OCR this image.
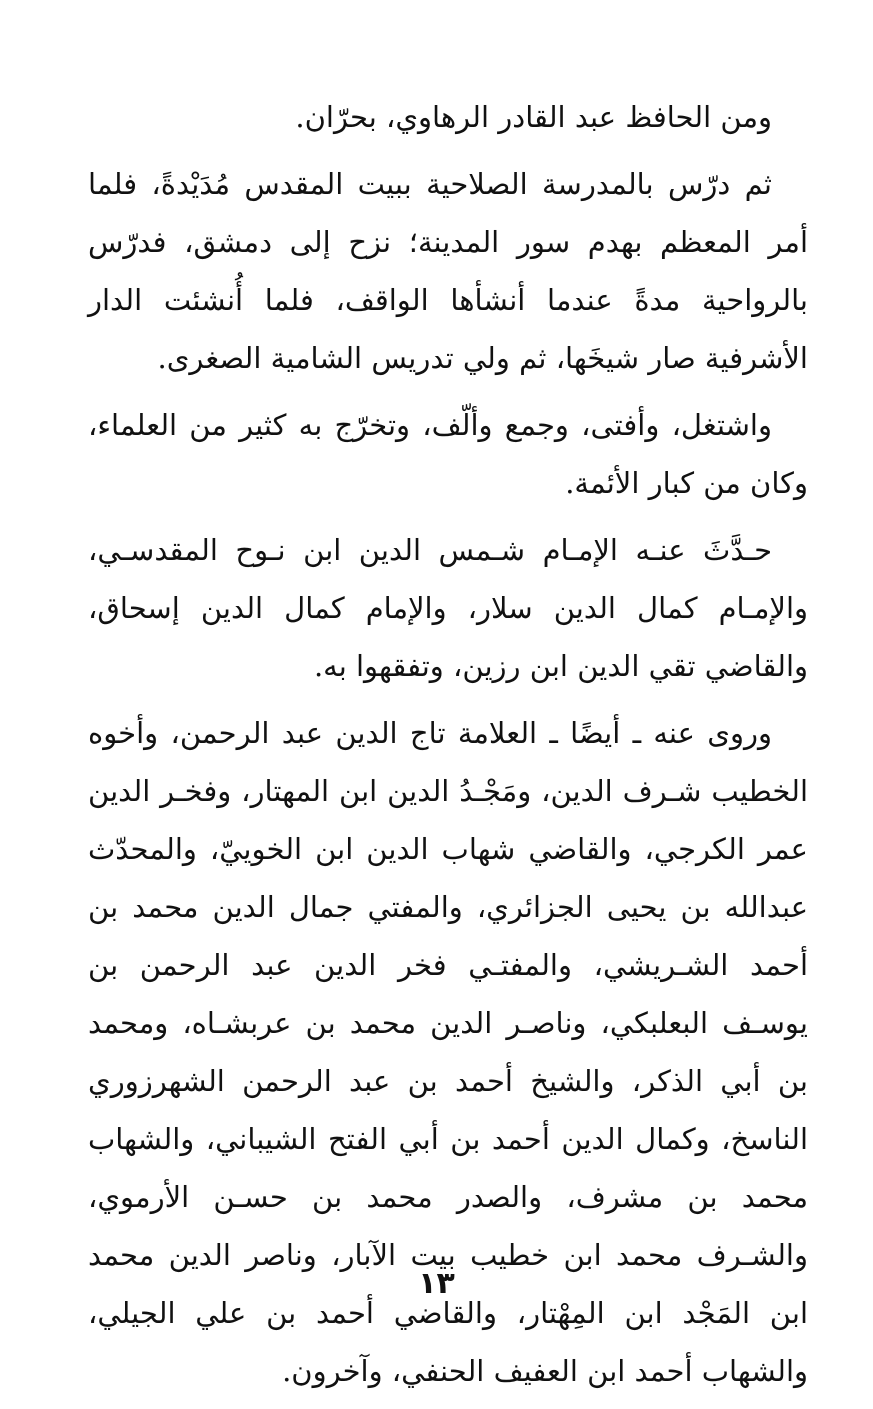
ومن الحافظ عبد القادر الرهاوي، بحرّان.

ثم درّس بالمدرسة الصلاحية ببيت المقدس مُدَيْدةً، فلما أمر المعظم بهدم سور المدينة؛ نزح إلى دمشق، فدرّس بالرواحية مدةً عندما أنشأها الواقف، فلما أُنشئت الدار الأشرفية صار شيخَها، ثم ولي تدريس الشامية الصغرى.

واشتغل، وأفتى، وجمع وألّف، وتخرّج به كثير من العلماء، وكان من كبار الأئمة.

حـدَّثَ عنـه الإمـام شـمس الدين ابن نـوح المقدسـي، والإمـام كمال الدين سلار، والإمام كمال الدين إسحاق، والقاضي تقي الدين ابن رزين، وتفقهوا به.

وروى عنه ـ أيضًا ـ العلامة تاج الدين عبد الرحمن، وأخوه الخطيب شـرف الدين، ومَجْـدُ الدين ابن المهتار، وفخـر الدين عمر الكرجي، والقاضي شهاب الدين ابن الخوييّ، والمحدّث عبدالله بن يحيى الجزائري، والمفتي جمال الدين محمد بن أحمد الشـريشي، والمفتـي فخر الدين عبد الرحمن بن يوسـف البعلبكي، وناصـر الدين محمد بن عربشـاه، ومحمد بن أبي الذكر، والشيخ أحمد بن عبد الرحمن الشهرزوري الناسخ، وكمال الدين أحمد بن أبي الفتح الشيباني، والشهاب محمد بن مشرف، والصدر محمد بن حسـن الأرموي، والشـرف محمد ابن خطيب بيت الآبار، وناصر الدين محمد ابن المَجْد ابن المِهْتار، والقاضي أحمد بن علي الجيلي، والشهاب أحمد ابن العفيف الحنفي، وآخرون.

١٣
